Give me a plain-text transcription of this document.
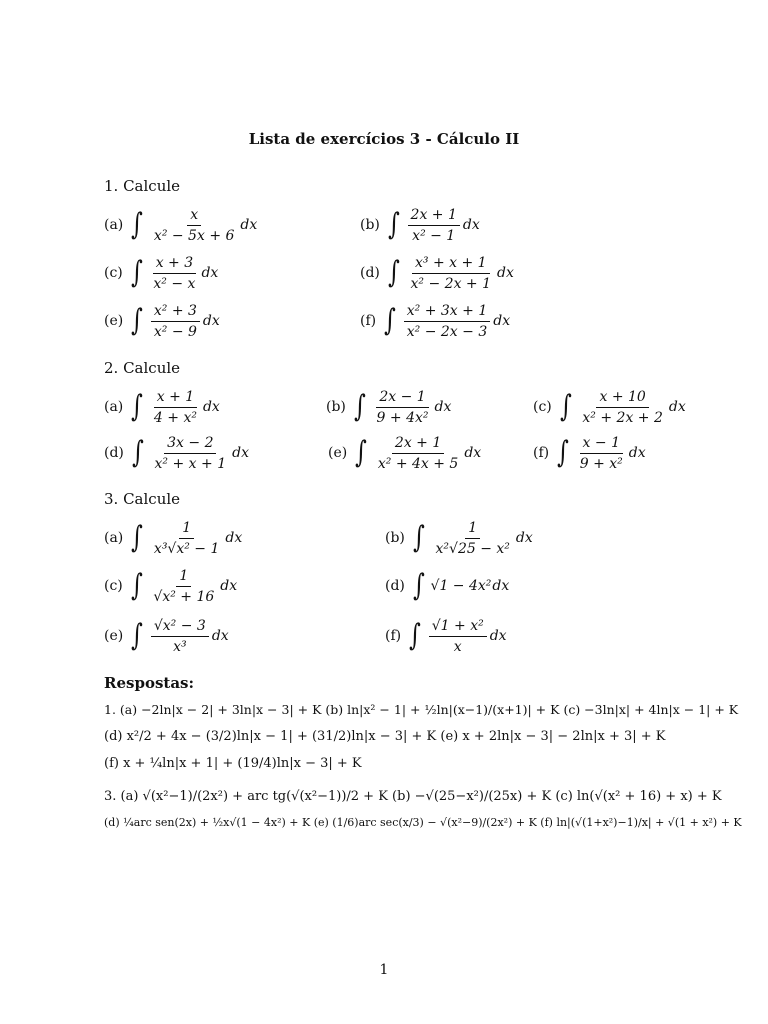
Lista de exercícios 3 - Cálculo II
1. Calcule
(a) ∫ $\frac{x}{\text{x² − 5x + 6}}$ dx	(b) ∫ $\frac{2x + 1}{\text{x² − 1}}$ dx
(c) ∫ $\frac{x + 3}{\text{x² − x}}$ dx	(d) ∫ $\frac{\text{x³ + x + 1}}{\text{x² − 2x + 1}}$ dx
(e) ∫ $\frac{\text{x² + 3}}{\text{x² − 9}}$ dx	(f) ∫ $\frac{\text{x² + 3x + 1}}{\text{x² − 2x − 3}}$ dx
2. Calcule
(a) ∫ $\frac{x + 1}{\text{4 + x²}}$ dx	(b) ∫ $\frac{2x - 1}{\text{9 + 4x²}}$ dx	(c) ∫ $\frac{x + 10}{\text{x² + 2x + 2}}$ dx
(d) ∫ $\frac{3x - 2}{\text{x² + x + 1}}$ dx	(e) ∫ $\frac{2x + 1}{\text{x² + 4x + 5}}$ dx	(f) ∫ $\frac{x - 1}{\text{9 + x²}}$ dx
3. Calcule
(a) ∫ $\frac{1}{\text{x³√x² − 1}}$ dx	(b) ∫ $\frac{1}{\text{x²√25 − x²}}$ dx
(c) ∫ $\frac{1}{\text{√x² + 16}}$ dx	(d) ∫ √1 − 4x² dx
(e) ∫ $\frac{\text{√x² − 3}}{\text{x³}}$ dx	(f) ∫ $\frac{\text{√1 + x²}}{x}$ dx
Respostas:
1. (a) −2ln|x − 2| + 3ln|x − 3| + K (b) ln|x² − 1| + ½ln|(x−1)/(x+1)| + K (c) −3ln|x| + 4ln|x − 1| + K
(d) x²/2 + 4x − (3/2)ln|x − 1| + (31/2)ln|x − 3| + K (e) x + 2ln|x − 3| − 2ln|x + 3| + K
(f) x + ¼ln|x + 1| + (19/4)ln|x − 3| + K
3. (a) √(x²−1)/(2x²) + arc tg(√(x²−1))/2 + K (b) −√(25−x²)/(25x) + K (c) ln(√(x² + 16) + x) + K
(d) ¼arc sen(2x) + ½x√(1 − 4x²) + K (e) (1/6)arc sec(x/3) − √(x²−9)/(2x²) + K (f) ln|(√(1+x²)−1)/x| + √(1 + x²) + K
1
